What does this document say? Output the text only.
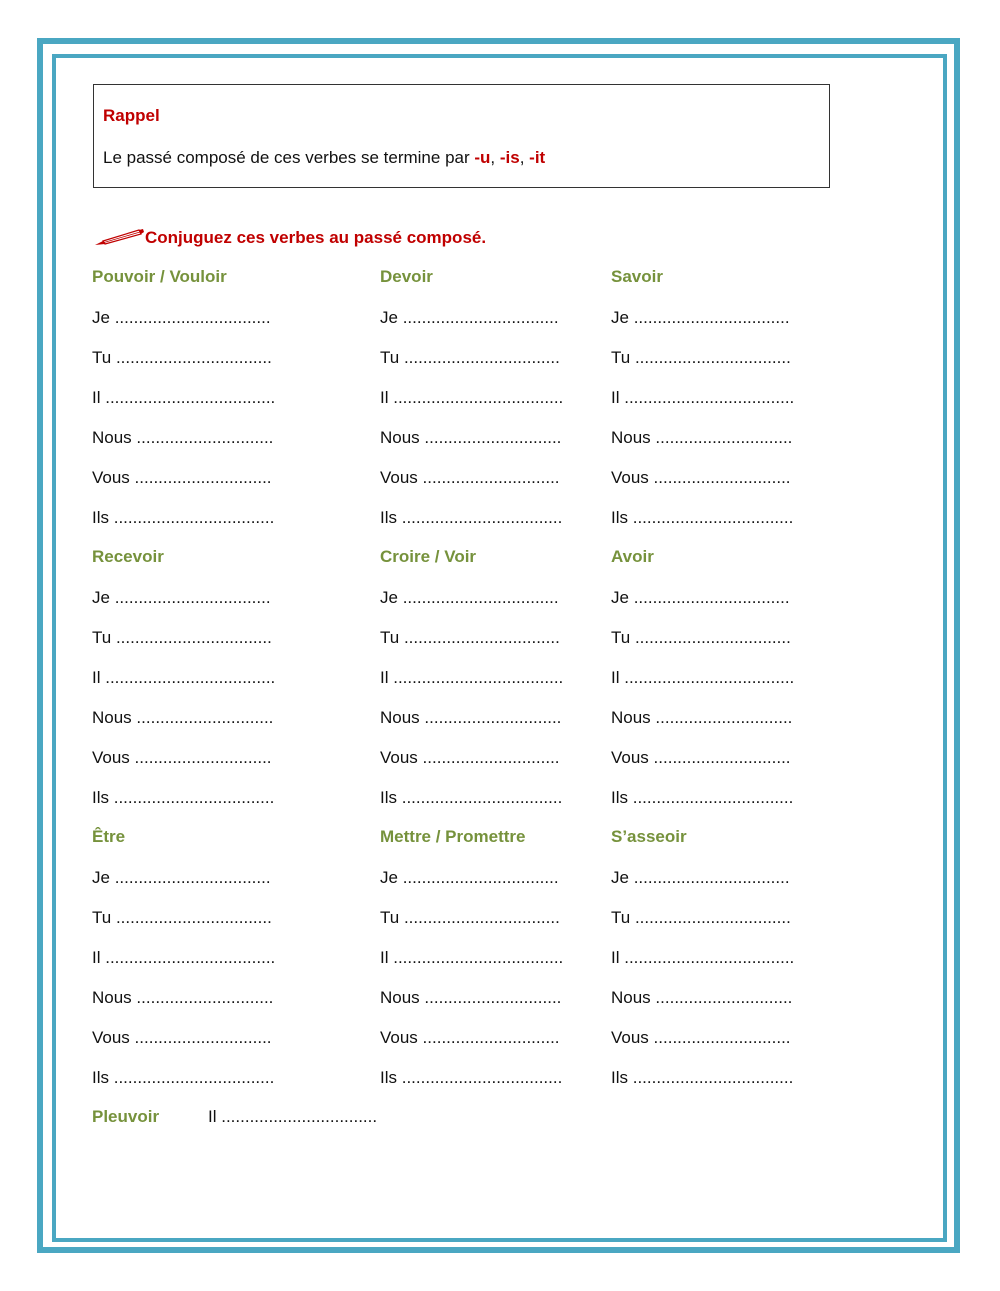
Rappel
Le passé composé de ces verbes se termine par -u, -is, -it
Conjuguez ces verbes au passé composé.
Pouvoir / Vouloir
Je .................................
Tu .................................
Il ....................................
Nous .............................
Vous .............................
Ils ..................................
Devoir
Je .................................
Tu .................................
Il ....................................
Nous .............................
Vous .............................
Ils ..................................
Savoir
Je .................................
Tu .................................
Il ....................................
Nous .............................
Vous .............................
Ils ..................................
Recevoir
Je .................................
Tu .................................
Il ....................................
Nous .............................
Vous .............................
Ils ..................................
Croire / Voir
Je .................................
Tu .................................
Il ....................................
Nous .............................
Vous .............................
Ils ..................................
Avoir
Je .................................
Tu .................................
Il ....................................
Nous .............................
Vous .............................
Ils ..................................
Être
Je .................................
Tu .................................
Il ....................................
Nous .............................
Vous .............................
Ils ..................................
Mettre / Promettre
Je .................................
Tu .................................
Il ....................................
Nous .............................
Vous .............................
Ils ..................................
S’asseoir
Je .................................
Tu .................................
Il ....................................
Nous .............................
Vous .............................
Ils ..................................
Pleuvoir	Il .................................
